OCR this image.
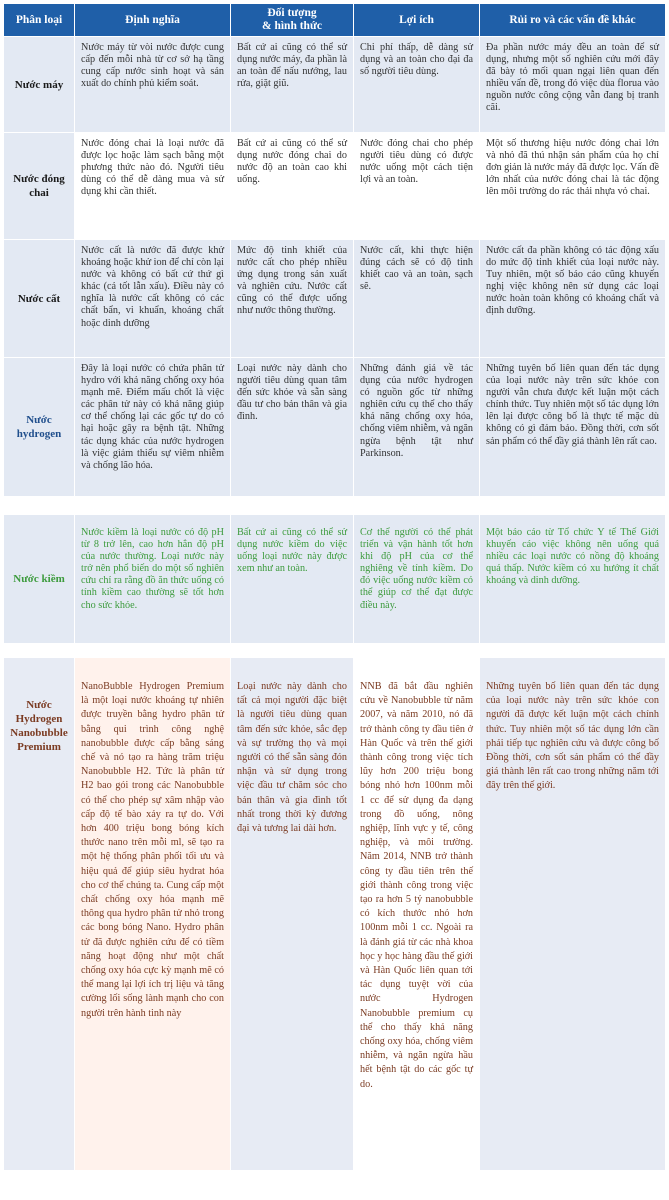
Phân loại	Định nghĩa
Đối tượng
& hình thức
Lợi ích	Rủi ro và các vấn đề khác
Nước máy
Nước máy từ vòi nước được cung cấp đến mỗi nhà từ cơ sở hạ tầng cung cấp nước sinh hoạt và sản xuất do chính phủ kiểm soát.
Bất cứ ai cũng có thể sử dụng nước máy, đa phần là an toàn để nấu nướng, lau rửa, giặt giũ.
Chi phí thấp, dễ dàng sử dụng và an toàn cho đại đa số người tiêu dùng.
Đa phần nước máy đều an toàn để sử dụng, nhưng một số nghiên cứu mới đây đã bày tỏ mối quan ngại liên quan đến nhiều vấn đề, trong đó việc dùa florua vào nguồn nước công cộng vẫn đang bị tranh cãi.
Nước đóng chai
Nước đóng chai là loại nước đã được lọc hoặc làm sạch bằng một phương thức nào đó. Người tiêu dùng có thể dễ dàng mua và sử dụng khi cần thiết.
Bất cứ ai cũng có thể sử dụng nước đóng chai do nước độ an toàn cao khi uống.
Nước đóng chai cho phép người tiêu dùng có được nước uống một cách tiện lợi và an toàn.
Một số thương hiệu nước đóng chai lớn và nhỏ đã thú nhận sản phẩm của họ chỉ đơn giản là nước máy đã được lọc. Vấn đề lớn nhất của nước đóng chai là tác động lên môi trường do rác thải nhựa vỏ chai.
Nước cất
Nước cất là nước đã được khử khoáng hoặc khử ion để chỉ còn lại nước và không có bất cứ thứ gì khác (cả tốt lẫn xấu). Điều này có nghĩa là nước cất không có các chất bẩn, vi khuẩn, khoáng chất hoặc dinh dưỡng
Mức độ tinh khiết của nước cất cho phép nhiều ứng dụng trong sản xuất và nghiên cứu. Nước cất cũng có thể được uống như nước thông thường.
Nước cất, khi thực hiện đúng cách sẽ có độ tinh khiết cao và an toàn, sạch sẽ.
Nước cất đa phần không có tác động xấu do mức độ tinh khiết của loại nước này. Tuy nhiên, một số báo cáo cũng khuyến nghị việc không nên sử dụng các loại nước hoàn toàn không có khoáng chất và định dưỡng.
Nước hydrogen
Đây là loại nước có chứa phân tử hydro với khả năng chống oxy hóa mạnh mẽ. Điểm mấu chốt là việc các phân tử này có khả năng giúp cơ thể chống lại các gốc tự do có hại hoặc gây ra bệnh tật. Những tác dụng khác của nước hydrogen là việc giảm thiểu sự viêm nhiễm và chống lão hóa.
Loại nước này dành cho người tiêu dùng quan tâm đến sức khỏe và sẵn sàng đầu tư cho bản thân và gia đình.
Những đánh giá về tác dụng của nước hydrogen có nguồn gốc từ những nghiên cứu cụ thể cho thấy khả năng chống oxy hóa, chống viêm nhiễm, và ngăn ngừa bệnh tật như Parkinson.
Những tuyên bố liên quan đến tác dụng của loại nước này trên sức khỏe con người vẫn chưa được kết luận một cách chính thức. Tuy nhiên một số tác dụng lớn lên lại được công bố là thực tế mặc dù không có gì đảm bảo. Đồng thời, cơn sốt sản phẩm có thể đầy giá thành lên rất cao.
Nước kiềm
Nước kiềm là loại nước có độ pH từ 8 trở lên, cao hơn hẳn độ pH của nước thường. Loại nước này trở nên phổ biến do một số nghiên cứu chỉ ra rằng đồ ăn thức uống có tính kiềm cao thường sẽ tốt hơn cho sức khỏe.
Bất cứ ai cũng có thể sử dụng nước kiềm do việc uống loại nước này được xem như an toàn.
Cơ thể người có thể phát triển và vận hành tốt hơn khi độ pH của cơ thể nghiêng về tính kiềm. Do đó việc uống nước kiềm có thể giúp cơ thể đạt được điều này.
Một báo cáo từ Tổ chức Y tế Thế Giới khuyến cáo việc không nên uống quá nhiều các loại nước có nồng độ khoáng quá thấp. Nước kiềm có xu hướng ít chất khoáng và dinh dưỡng.
Nước Hydrogen Nanobubble Premium
NanoBubble Hydrogen Premium là một loại nước khoáng tự nhiên được truyền bằng hydro phân tử bằng qui trình công nghệ nanobubble được cấp bằng sáng chế và nó tạo ra hàng trăm triệu Nanobubble H2. Tức là phân tử H2 bao gói trong các Nanobubble có thể cho phép sự xâm nhập vào cấp độ tế bào xảy ra tự do. Với hơn 400 triệu bong bóng kích thước nano trên mỗi ml, sẽ tạo ra một hệ thống phân phối tối ưu và hiệu quả để giúp siêu hydrat hóa cho cơ thể chúng ta. Cung cấp một chất chống oxy hóa mạnh mẽ thông qua hydro phân tử nhỏ trong các bong bóng Nano. Hydro phân tử đã được nghiên cứu để có tiềm năng hoạt động như một chất chống oxy hóa cực kỳ mạnh mẽ có thể mang lại lợi ích trị liệu và tăng cường lối sống lành mạnh cho con người trên hành tinh này
Loại nước này dành cho tất cả mọi người đặc biệt là người tiêu dùng quan tâm đến sức khỏe, sắc đẹp và sự trường thọ và mọi người có thể sẵn sàng đón nhận và sử dụng trong việc đầu tư chăm sóc cho bản thân và gia đình tốt nhất trong thời kỳ đương đại và tương lai dài hơn.
NNB đã bắt đầu nghiên cứu về Nanobubble từ năm 2007, và năm 2010, nó đã trở thành công ty đầu tiên ở Hàn Quốc và trên thế giới thành công trong việc tích lũy hơn 200 triệu bong bóng nhỏ hơn 100nm mỗi 1 cc để sử dụng đa dạng trong đồ uống, nông nghiệp, lĩnh vực y tế, công nghiệp, và môi trường. Năm 2014, NNB trở thành công ty đầu tiên trên thế giới thành công trong việc tạo ra hơn 5 tỷ nanobubble có kích thước nhỏ hơn 100nm mỗi 1 cc. Ngoài ra là đánh giá từ các nhà khoa học y học hàng đầu thế giới và Hàn Quốc liên quan tới tác dụng tuyệt vời của nước Hydrogen Nanobubble premium cụ thể cho thấy khả năng chống oxy hóa, chống viêm nhiễm, và ngăn ngừa hầu hết bệnh tật do các gốc tự do.
Những tuyên bố liên quan đến tác dụng của loại nước này trên sức khỏe con người đã được kết luận một cách chính thức. Tuy nhiên một số tác dụng lớn cần phải tiếp tục nghiên cứu và được công bố Đồng thời, cơn sốt sản phẩm có thể đầy giá thành lên rất cao trong những năm tới đây trên thế giới.
